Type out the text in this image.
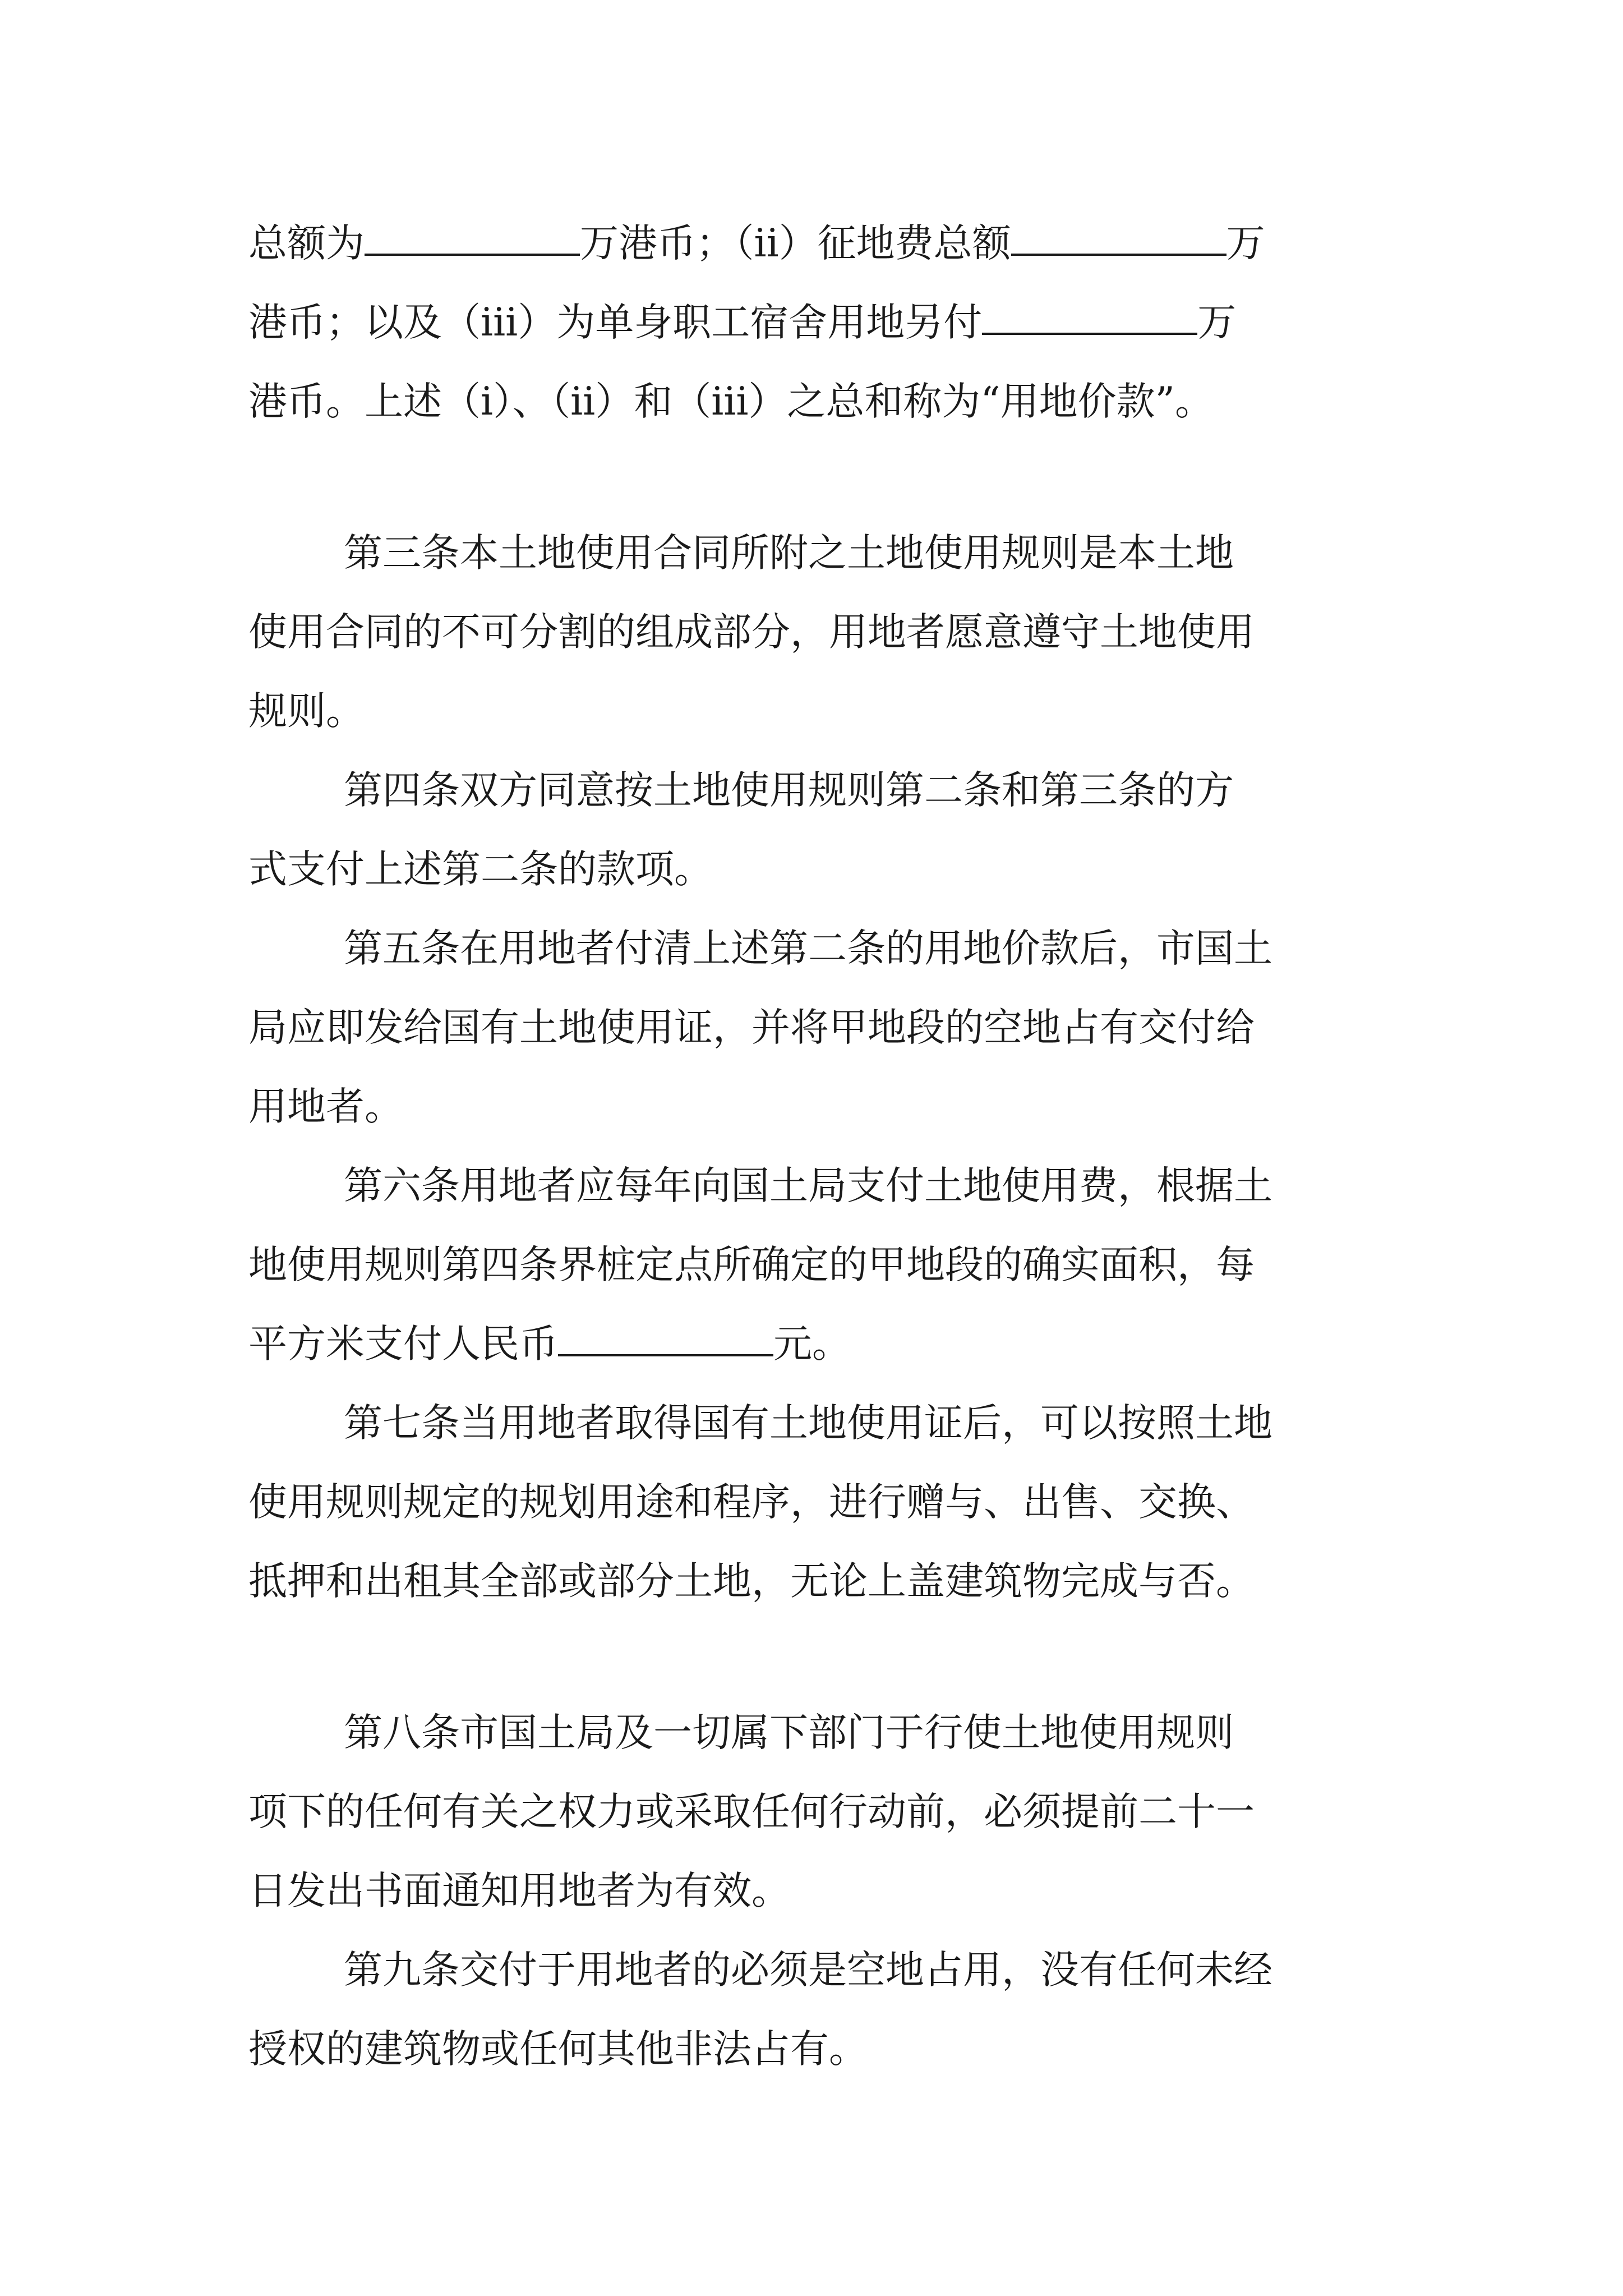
总额为	万港币；（ii）征地费总额	万
港币；以及（iii）为单身职工宿舍用地另付	万
港币。上述（i）、（ii）和（iii）之总和称为“用地价款”。
第三条本土地使用合同所附之土地使用规则是本土地
使用合同的不可分割的组成部分，用地者愿意遵守土地使用
规则。
第四条双方同意按土地使用规则第二条和第三条的方
式支付上述第二条的款项。
第五条在用地者付清上述第二条的用地价款后，市国土
局应即发给国有土地使用证，并将甲地段的空地占有交付给
用地者。
第六条用地者应每年向国土局支付土地使用费，根据土
地使用规则第四条界桩定点所确定的甲地段的确实面积，每
平方米支付人民币	元。
第七条当用地者取得国有土地使用证后，可以按照土地
使用规则规定的规划用途和程序，进行赠与、出售、交换、
抵押和出租其全部或部分土地，无论上盖建筑物完成与否。
第八条市国土局及一切属下部门于行使土地使用规则
项下的任何有关之权力或采取任何行动前，必须提前二十一
日发出书面通知用地者为有效。
第九条交付于用地者的必须是空地占用，没有任何未经
授权的建筑物或任何其他非法占有。
